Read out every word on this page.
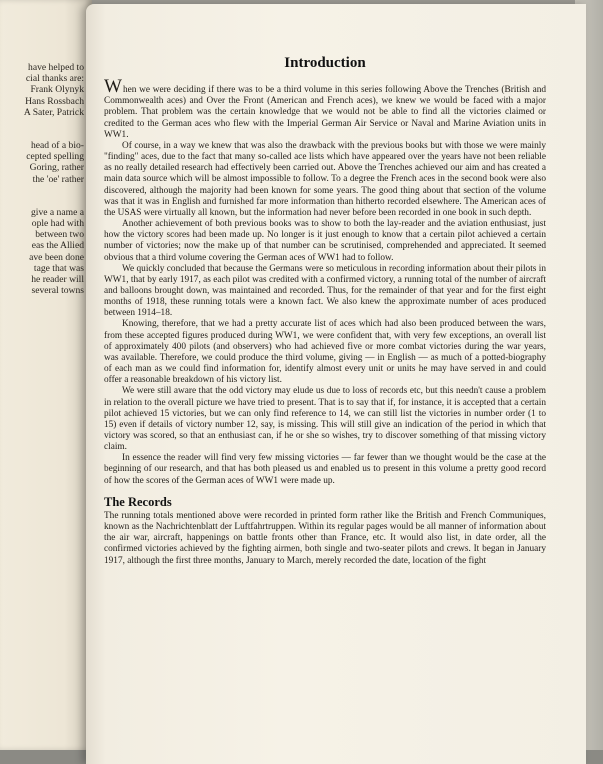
have helped to
cial thanks are:
Frank Olynyk
Hans Rossbach
A Sater, Patrick
head of a bio-
cepted spelling
Goring, rather
the 'oe' rather
give a name a
ople had with
between two
eas the Allied
ave been done
tage that was
he reader will
several towns
Introduction

When we were deciding if there was to be a third volume in this series following Above the Trenches (British and Commonwealth aces) and Over the Front (American and French aces), we knew we would be faced with a major problem. That problem was the certain knowledge that we would not be able to find all the victories claimed or credited to the German aces who flew with the Imperial German Air Service or Naval and Marine Aviation units in WW1.

Of course, in a way we knew that was also the drawback with the previous books but with those we were mainly "finding" aces, due to the fact that many so-called ace lists which have appeared over the years have not been reliable as no really detailed research had effectively been carried out. Above the Trenches achieved our aim and has created a main data source which will be almost impossible to follow. To a degree the French aces in the second book were also discovered, although the majority had been known for some years. The good thing about that section of the volume was that it was in English and furnished far more information than hitherto recorded elsewhere. The American aces of the USAS were virtually all known, but the information had never before been recorded in one book in such depth.

Another achievement of both previous books was to show to both the lay-reader and the aviation enthusiast, just how the victory scores had been made up. No longer is it just enough to know that a certain pilot achieved a certain number of victories; now the make up of that number can be scrutinised, comprehended and appreciated. It seemed obvious that a third volume covering the German aces of WW1 had to follow.

We quickly concluded that because the Germans were so meticulous in recording information about their pilots in WW1, that by early 1917, as each pilot was credited with a confirmed victory, a running total of the number of aircraft and balloons brought down, was maintained and recorded. Thus, for the remainder of that year and for the first eight months of 1918, these running totals were a known fact. We also knew the approximate number of aces produced between 1914–18.

Knowing, therefore, that we had a pretty accurate list of aces which had also been produced between the wars, from these accepted figures produced during WW1, we were confident that, with very few exceptions, an overall list of approximately 400 pilots (and observers) who had achieved five or more combat victories during the war years, was available. Therefore, we could produce the third volume, giving — in English — as much of a potted-biography of each man as we could find information for, identify almost every unit or units he may have served in and could offer a reasonable breakdown of his victory list.

We were still aware that the odd victory may elude us due to loss of records etc, but this needn't cause a problem in relation to the overall picture we have tried to present. That is to say that if, for instance, it is accepted that a certain pilot achieved 15 victories, but we can only find reference to 14, we can still list the victories in number order (1 to 15) even if details of victory number 12, say, is missing. This will still give an indication of the period in which that victory was scored, so that an enthusiast can, if he or she so wishes, try to discover something of that missing victory claim.

In essence the reader will find very few missing victories — far fewer than we thought would be the case at the beginning of our research, and that has both pleased us and enabled us to present in this volume a pretty good record of how the scores of the German aces of WW1 were made up.

The Records

The running totals mentioned above were recorded in printed form rather like the British and French Communiques, known as the Nachrichtenblatt der Luftfahrtruppen. Within its regular pages would be all manner of information about the air war, aircraft, happenings on battle fronts other than France, etc. It would also list, in date order, all the confirmed victories achieved by the fighting airmen, both single and two-seater pilots and crews. It began in January 1917, although the first three months, January to March, merely recorded the date, location of the fight
